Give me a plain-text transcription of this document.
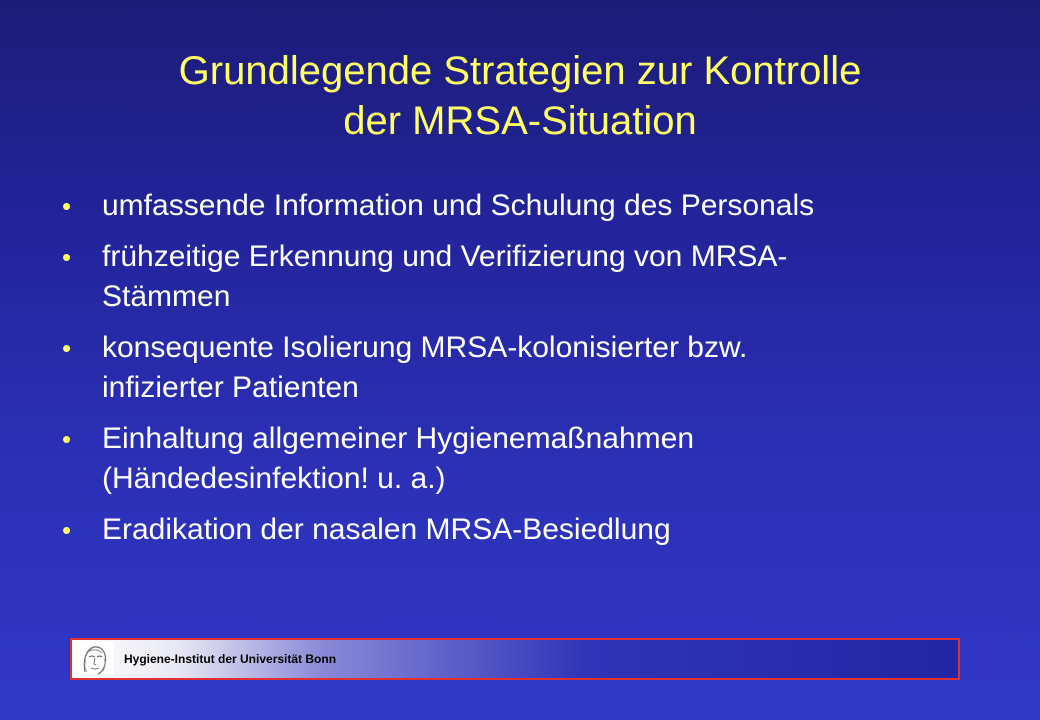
Grundlegende Strategien zur Kontrolle
der MRSA-Situation
• umfassende Information und Schulung des Personals
• frühzeitige Erkennung und Verifizierung von MRSA-
Stämmen
• konsequente Isolierung MRSA-kolonisierter bzw.
infizierter Patienten
• Einhaltung allgemeiner Hygienemaßnahmen
(Händedesinfektion! u. a.)
• Eradikation der nasalen MRSA-Besiedlung
Hygiene-Institut der Universität Bonn
